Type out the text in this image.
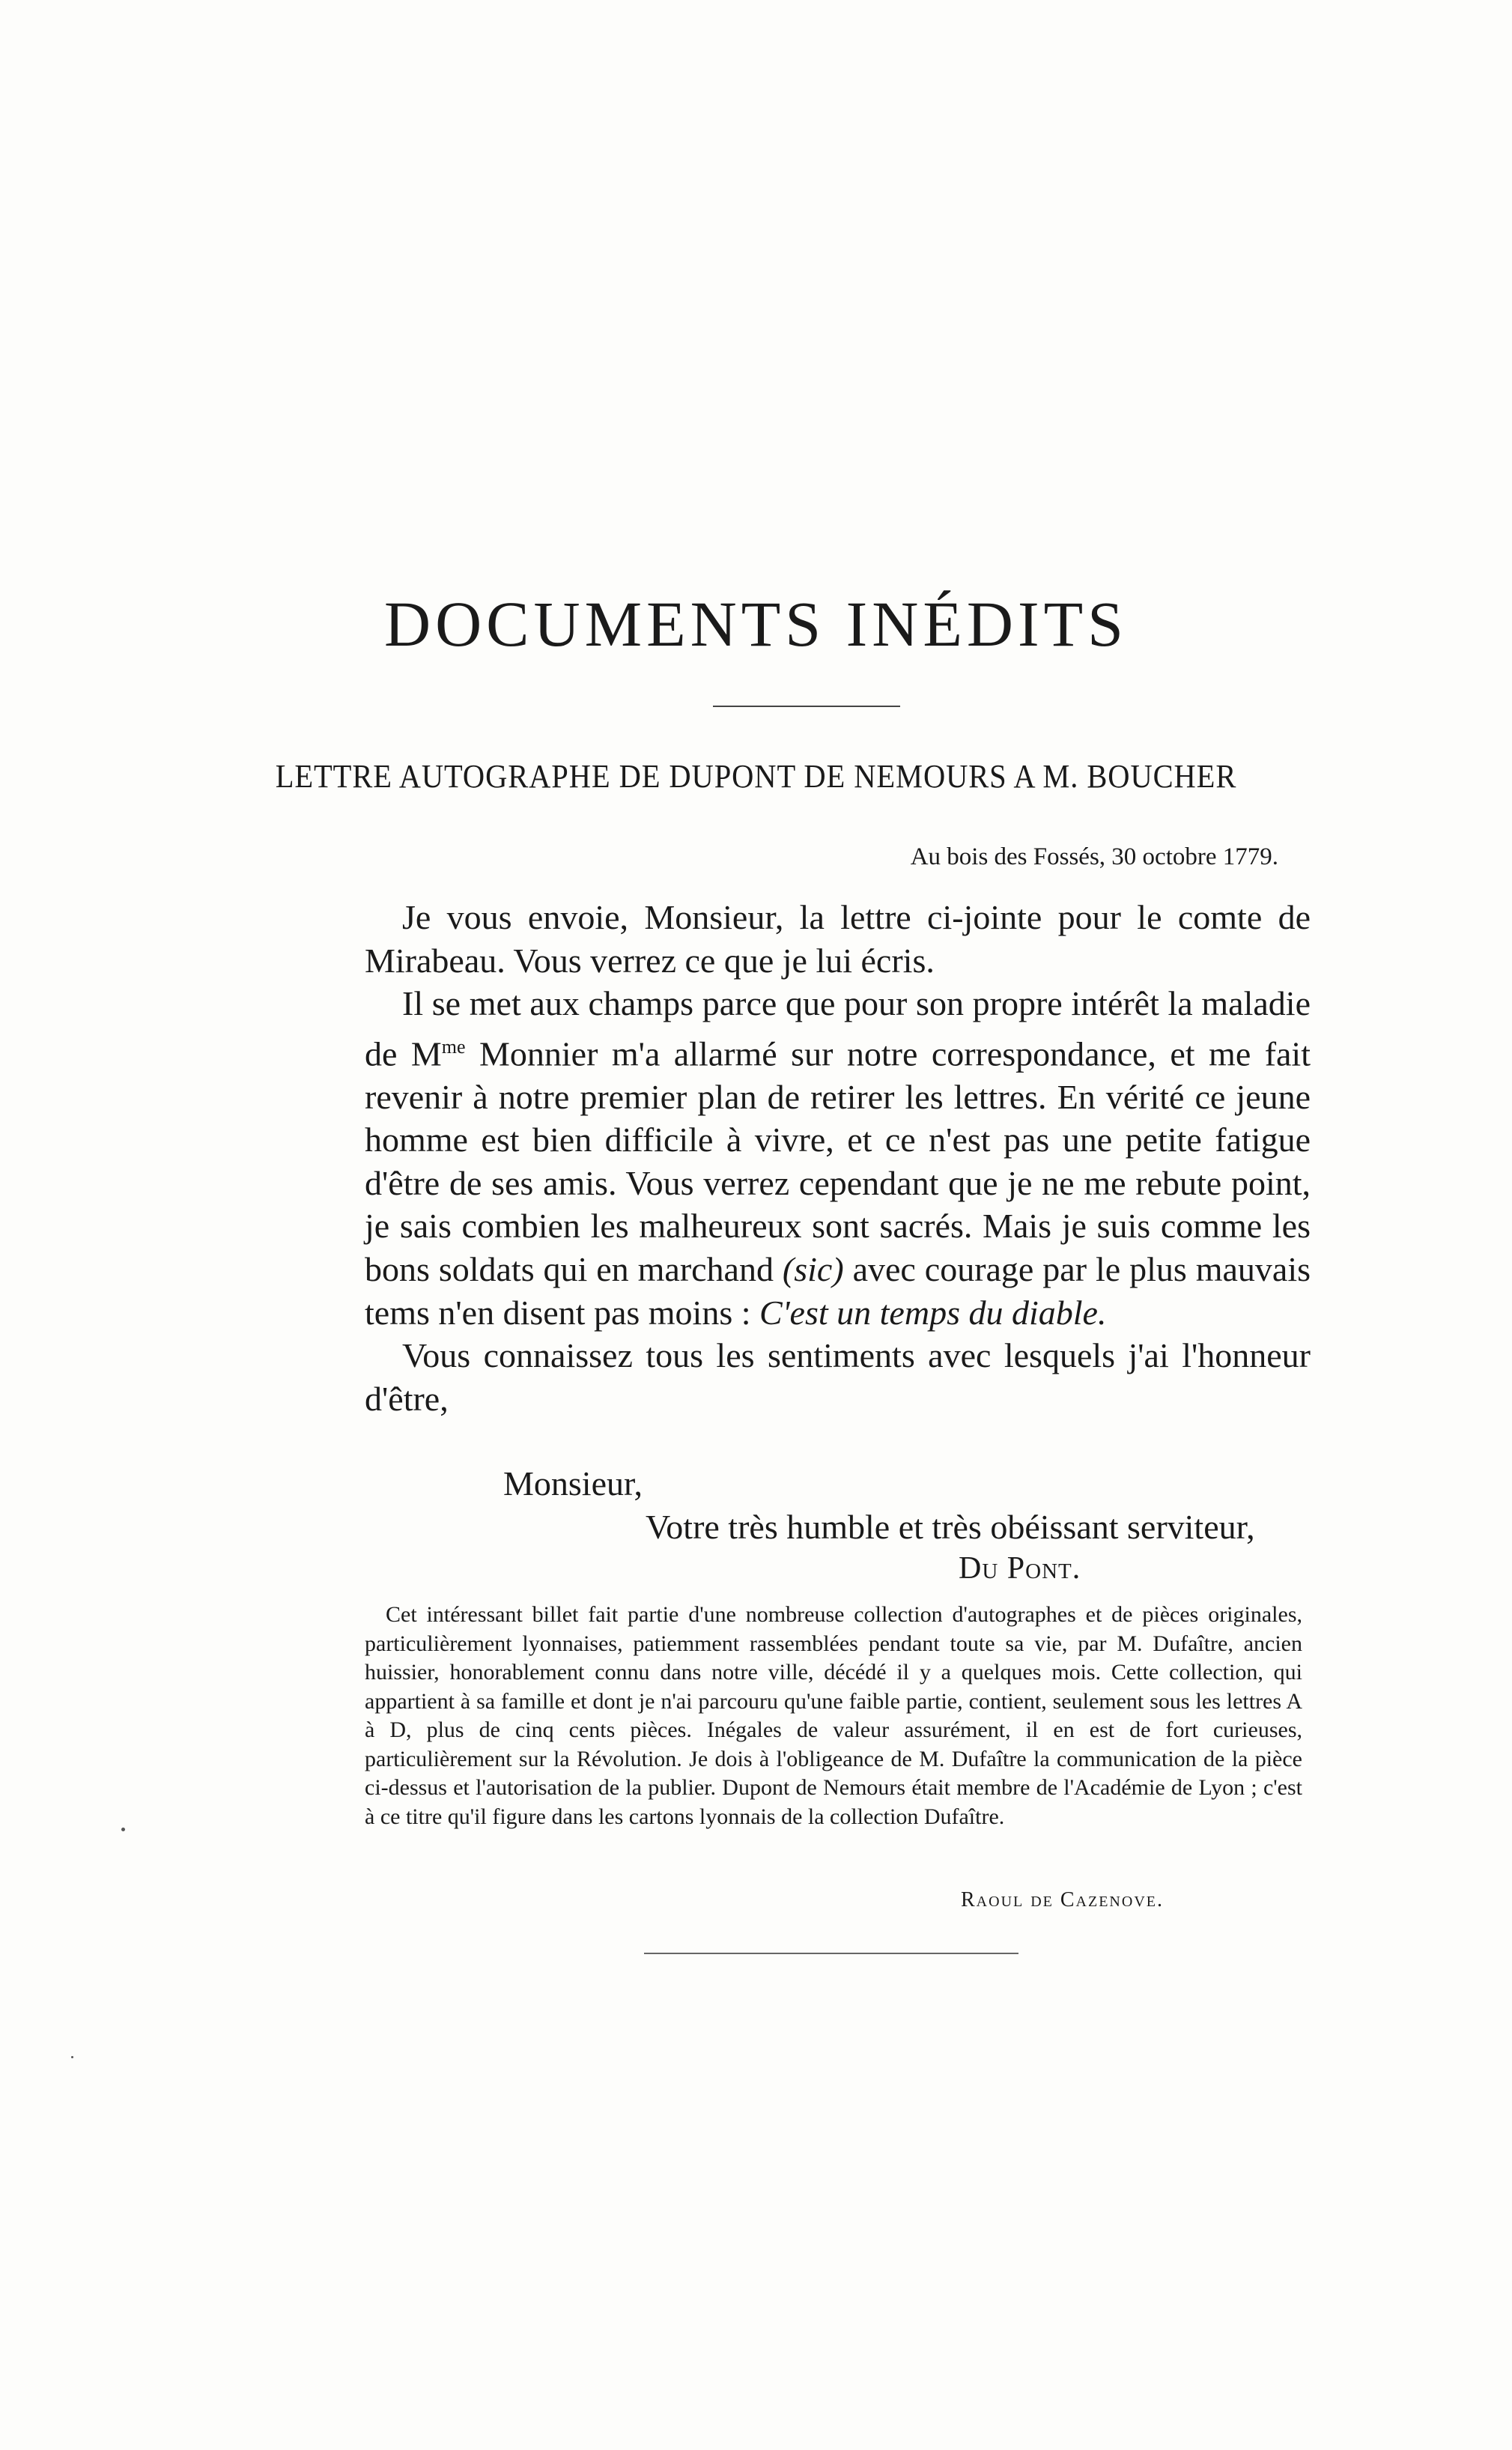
DOCUMENTS INÉDITS
LETTRE AUTOGRAPHE DE DUPONT DE NEMOURS A M. BOUCHER
Au bois des Fossés, 30 octobre 1779.

Je vous envoie, Monsieur, la lettre ci-jointe pour le comte de Mirabeau. Vous verrez ce que je lui écris.

Il se met aux champs parce que pour son propre intérêt la maladie de $M^{me}$ Monnier m'a allarmé sur notre correspondance, et me fait revenir à notre premier plan de retirer les lettres. En vérité ce jeune homme est bien difficile à vivre, et ce n'est pas une petite fatigue d'être de ses amis. Vous verrez cependant que je ne me rebute point, je sais combien les malheureux sont sacrés. Mais je suis comme les bons soldats qui en marchand (sic) avec courage par le plus mauvais tems n'en disent pas moins : C'est un temps du diable.

Vous connaissez tous les sentiments avec lesquels j'ai l'honneur d'être,

Monsieur,
Votre très humble et très obéissant serviteur,
Du Pont.

Cet intéressant billet fait partie d'une nombreuse collection d'autographes et de pièces originales, particulièrement lyonnaises, patiemment rassemblées pendant toute sa vie, par M. Dufaître, ancien huissier, honorablement connu dans notre ville, décédé il y a quelques mois. Cette collection, qui appartient à sa famille et dont je n'ai parcouru qu'une faible partie, contient, seulement sous les lettres A à D, plus de cinq cents pièces. Inégales de valeur assurément, il en est de fort curieuses, particulièrement sur la Révolution. Je dois à l'obligeance de M. Dufaître la communication de la pièce ci-dessus et l'autorisation de la publier. Dupont de Nemours était membre de l'Académie de Lyon ; c'est à ce titre qu'il figure dans les cartons lyonnais de la collection Dufaître.

Raoul de Cazenove.
